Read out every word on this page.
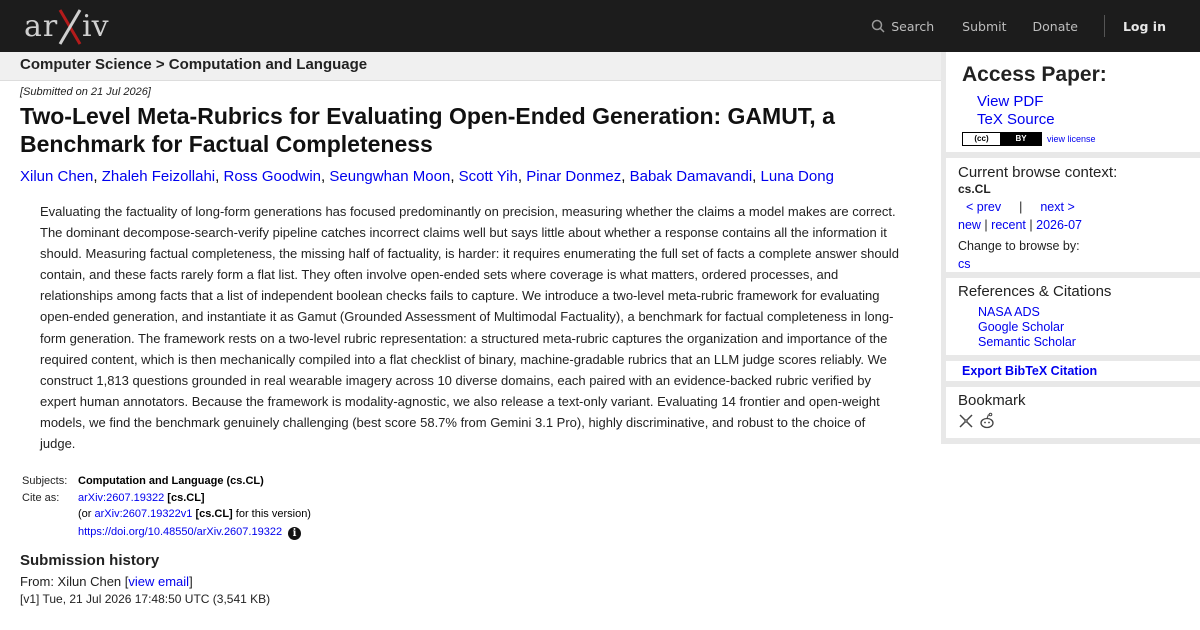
ar iv	Search Submit Donate	Log in
Computer Science > Computation and Language
[Submitted on 21 Jul 2026]
Two-Level Meta-Rubrics for Evaluating Open-Ended Generation: GAMUT, a Benchmark for Factual Completeness
Xilun Chen, Zhaleh Feizollahi, Ross Goodwin, Seungwhan Moon, Scott Yih, Pinar Donmez, Babak Damavandi, Luna Dong
Evaluating the factuality of long-form generations has focused predominantly on precision, measuring whether the claims a model makes are correct. The dominant decompose-search-verify pipeline catches incorrect claims well but says little about whether a response contains all the information it should. Measuring factual completeness, the missing half of factuality, is harder: it requires enumerating the full set of facts a complete answer should contain, and these facts rarely form a flat list. They often involve open-ended sets where coverage is what matters, ordered processes, and relationships among facts that a list of independent boolean checks fails to capture. We introduce a two-level meta-rubric framework for evaluating open-ended generation, and instantiate it as Gamut (Grounded Assessment of Multimodal Factuality), a benchmark for factual completeness in long-form generation. The framework rests on a two-level rubric representation: a structured meta-rubric captures the organization and importance of the required content, which is then mechanically compiled into a flat checklist of binary, machine-gradable rubrics that an LLM judge scores reliably. We construct 1,813 questions grounded in real wearable imagery across 10 diverse domains, each paired with an evidence-backed rubric verified by expert human annotators. Because the framework is modality-agnostic, we also release a text-only variant. Evaluating 14 frontier and open-weight models, we find the benchmark genuinely challenging (best score 58.7% from Gemini 3.1 Pro), highly discriminative, and robust to the choice of judge.
Subjects:	Computation and Language (cs.CL)
Cite as:	arXiv:2607.19322 [cs.CL]
(or arXiv:2607.19322v1 [cs.CL] for this version)
https://doi.org/10.48550/arXiv.2607.19322 i
Submission history
From: Xilun Chen [view email]
[v1] Tue, 21 Jul 2026 17:48:50 UTC (3,541 KB)
Access Paper:
View PDF
TeX Source
(cc)	BY	view license
Current browse context:
cs.CL
< prev | next >
new | recent | 2026-07
Change to browse by:
cs
References & Citations
NASA ADS
Google Scholar
Semantic Scholar
Export BibTeX Citation
Bookmark
